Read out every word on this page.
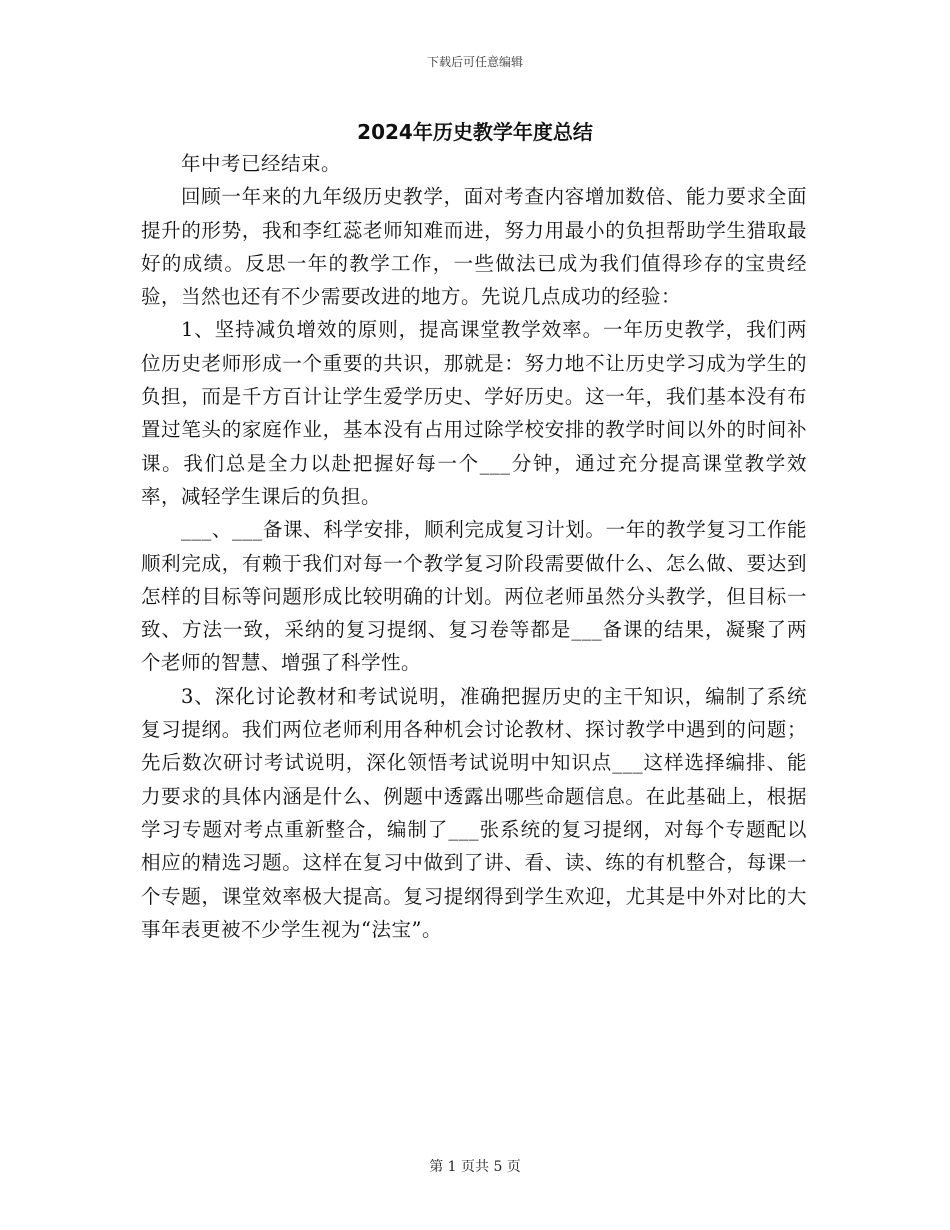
下载后可任意编辑
2024年历史教学年度总结

年中考已经结束。

回顾一年来的九年级历史教学，面对考查内容增加数倍、能力要求全面提升的形势，我和李红蕊老师知难而进，努力用最小的负担帮助学生猎取最好的成绩。反思一年的教学工作，一些做法已成为我们值得珍存的宝贵经验，当然也还有不少需要改进的地方。先说几点成功的经验：

1、坚持减负增效的原则，提高课堂教学效率。一年历史教学，我们两位历史老师形成一个重要的共识，那就是：努力地不让历史学习成为学生的负担，而是千方百计让学生爱学历史、学好历史。这一年，我们基本没有布置过笔头的家庭作业，基本没有占用过除学校安排的教学时间以外的时间补课。我们总是全力以赴把握好每一个___分钟，通过充分提高课堂教学效率，减轻学生课后的负担。

___、___备课、科学安排，顺利完成复习计划。一年的教学复习工作能顺利完成，有赖于我们对每一个教学复习阶段需要做什么、怎么做、要达到怎样的目标等问题形成比较明确的计划。两位老师虽然分头教学，但目标一致、方法一致，采纳的复习提纲、复习卷等都是___备课的结果，凝聚了两个老师的智慧、增强了科学性。

3、深化讨论教材和考试说明，准确把握历史的主干知识，编制了系统复习提纲。我们两位老师利用各种机会讨论教材、探讨教学中遇到的问题；先后数次研讨考试说明，深化领悟考试说明中知识点___这样选择编排、能力要求的具体内涵是什么、例题中透露出哪些命题信息。在此基础上，根据学习专题对考点重新整合，编制了___张系统的复习提纲，对每个专题配以相应的精选习题。这样在复习中做到了讲、看、读、练的有机整合，每课一个专题，课堂效率极大提高。复习提纲得到学生欢迎，尤其是中外对比的大事年表更被不少学生视为“法宝”。

第 1 页共 5 页
